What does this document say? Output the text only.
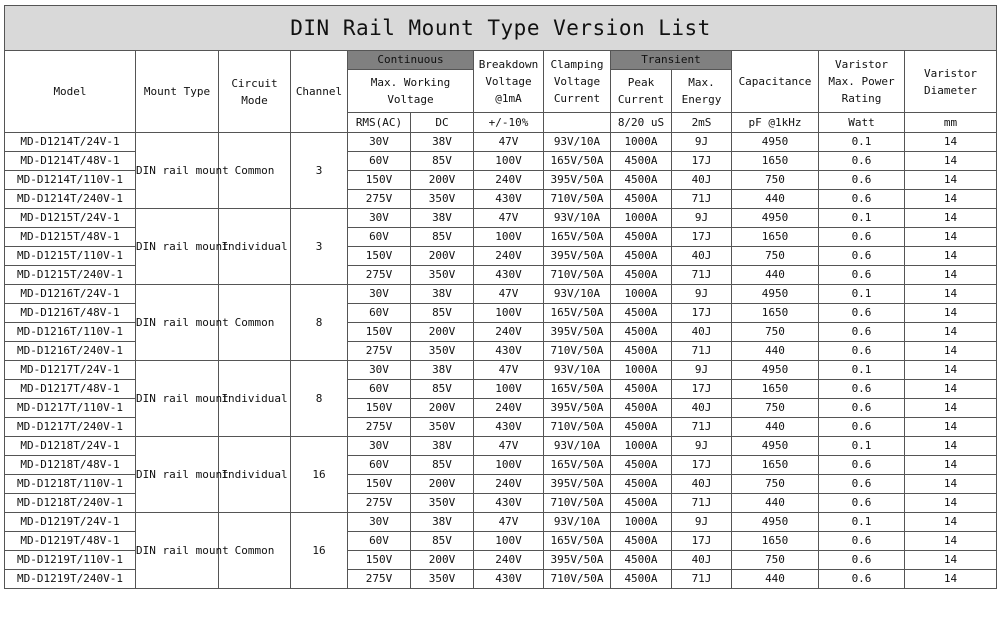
DIN Rail Mount Type Version List												
Model	Mount Type	Circuit Mode	Channel	Continuous		Breakdown Voltage @1mA	Clamping Voltage Current	Transient		Capacitance	Varistor Max. Power Rating	Varistor Diameter
				Max. Working Voltage				Peak Current	Max. Energy			
				RMS(AC)	DC	+/-10%		8/20 uS	2mS	pF @1kHz	Watt	mm
MD-D1214T/24V-1	DIN rail mount	Common	3	30V	38V	47V	93V/10A	1000A	9J	4950	0.1	14
MD-D1214T/48V-1				60V	85V	100V	165V/50A	4500A	17J	1650	0.6	14
MD-D1214T/110V-1				150V	200V	240V	395V/50A	4500A	40J	750	0.6	14
MD-D1214T/240V-1				275V	350V	430V	710V/50A	4500A	71J	440	0.6	14
MD-D1215T/24V-1	DIN rail mount	Individual	3	30V	38V	47V	93V/10A	1000A	9J	4950	0.1	14
MD-D1215T/48V-1				60V	85V	100V	165V/50A	4500A	17J	1650	0.6	14
MD-D1215T/110V-1				150V	200V	240V	395V/50A	4500A	40J	750	0.6	14
MD-D1215T/240V-1				275V	350V	430V	710V/50A	4500A	71J	440	0.6	14
MD-D1216T/24V-1	DIN rail mount	Common	8	30V	38V	47V	93V/10A	1000A	9J	4950	0.1	14
MD-D1216T/48V-1				60V	85V	100V	165V/50A	4500A	17J	1650	0.6	14
MD-D1216T/110V-1				150V	200V	240V	395V/50A	4500A	40J	750	0.6	14
MD-D1216T/240V-1				275V	350V	430V	710V/50A	4500A	71J	440	0.6	14
MD-D1217T/24V-1	DIN rail mount	Individual	8	30V	38V	47V	93V/10A	1000A	9J	4950	0.1	14
MD-D1217T/48V-1				60V	85V	100V	165V/50A	4500A	17J	1650	0.6	14
MD-D1217T/110V-1				150V	200V	240V	395V/50A	4500A	40J	750	0.6	14
MD-D1217T/240V-1				275V	350V	430V	710V/50A	4500A	71J	440	0.6	14
MD-D1218T/24V-1	DIN rail mount	Individual	16	30V	38V	47V	93V/10A	1000A	9J	4950	0.1	14
MD-D1218T/48V-1				60V	85V	100V	165V/50A	4500A	17J	1650	0.6	14
MD-D1218T/110V-1				150V	200V	240V	395V/50A	4500A	40J	750	0.6	14
MD-D1218T/240V-1				275V	350V	430V	710V/50A	4500A	71J	440	0.6	14
MD-D1219T/24V-1	DIN rail mount	Common	16	30V	38V	47V	93V/10A	1000A	9J	4950	0.1	14
MD-D1219T/48V-1				60V	85V	100V	165V/50A	4500A	17J	1650	0.6	14
MD-D1219T/110V-1				150V	200V	240V	395V/50A	4500A	40J	750	0.6	14
MD-D1219T/240V-1				275V	350V	430V	710V/50A	4500A	71J	440	0.6	14
